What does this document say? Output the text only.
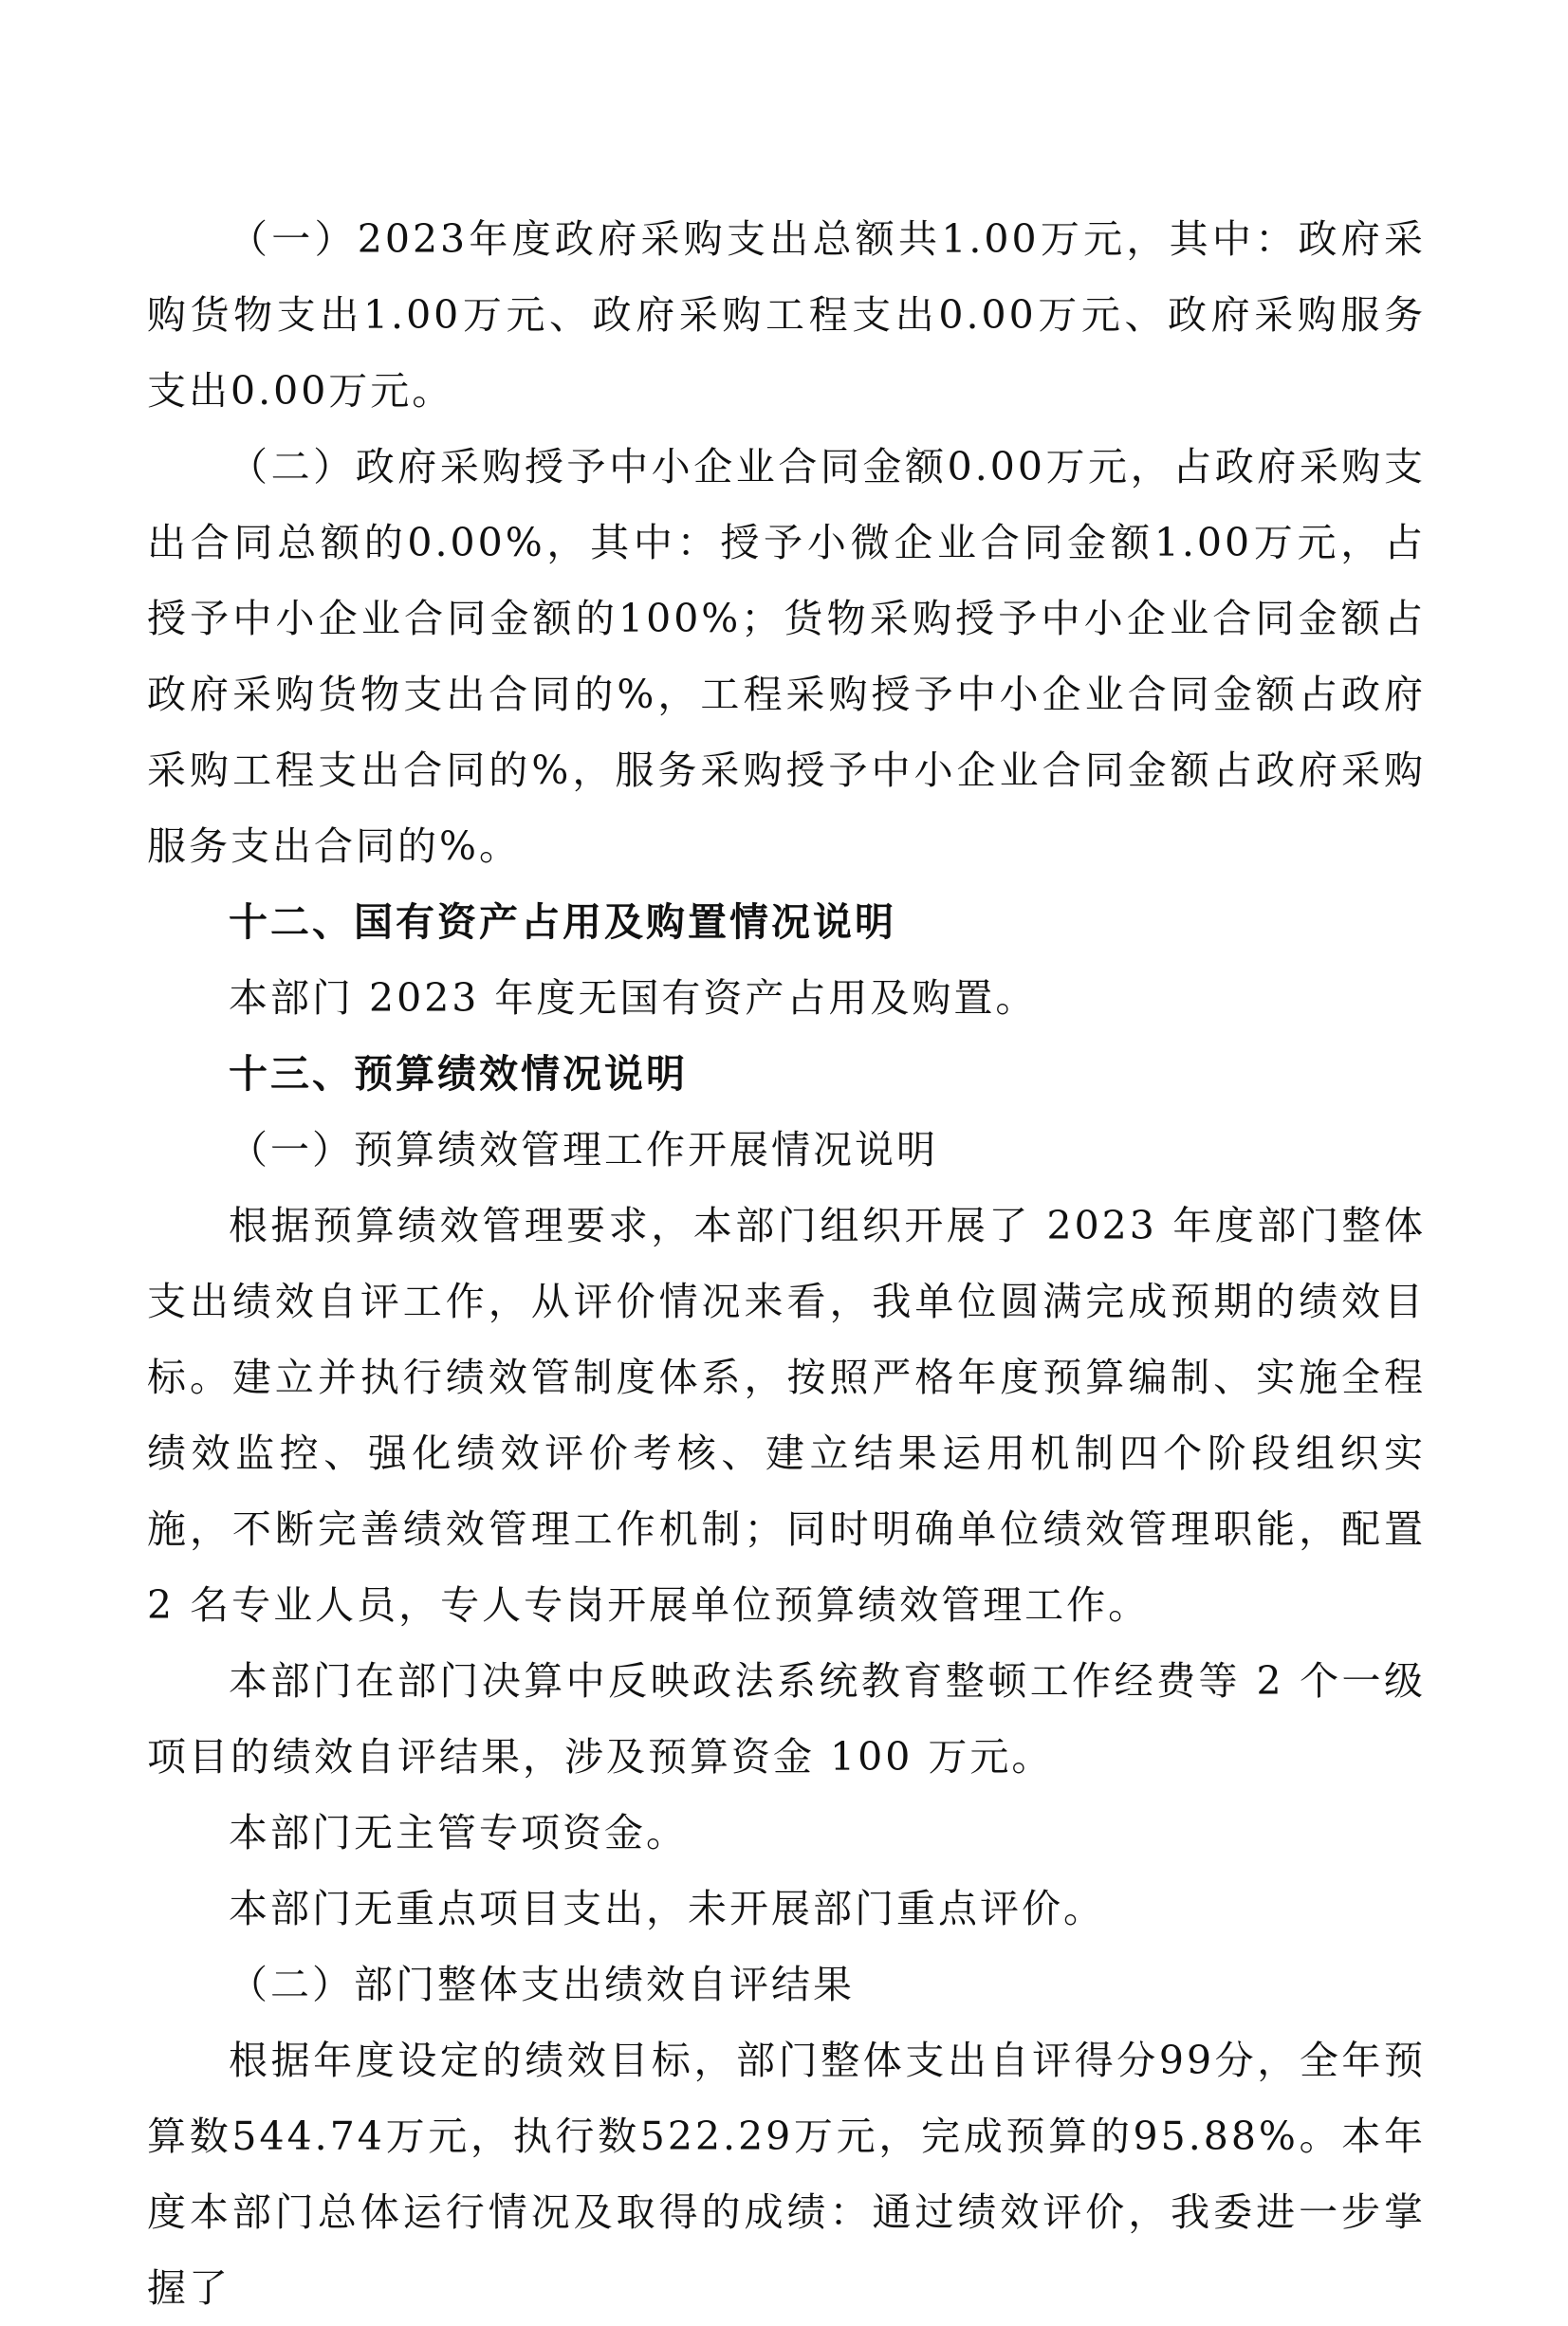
（一）2023年度政府采购支出总额共1.00万元，其中：政府采购货物支出1.00万元、政府采购工程支出0.00万元、政府采购服务支出0.00万元。

（二）政府采购授予中小企业合同金额0.00万元，占政府采购支出合同总额的0.00%，其中：授予小微企业合同金额1.00万元，占授予中小企业合同金额的100%；货物采购授予中小企业合同金额占政府采购货物支出合同的%，工程采购授予中小企业合同金额占政府采购工程支出合同的%，服务采购授予中小企业合同金额占政府采购服务支出合同的%。

十二、国有资产占用及购置情况说明

本部门 2023 年度无国有资产占用及购置。

十三、预算绩效情况说明
（一）预算绩效管理工作开展情况说明

根据预算绩效管理要求，本部门组织开展了 2023 年度部门整体支出绩效自评工作，从评价情况来看，我单位圆满完成预期的绩效目标。建立并执行绩效管制度体系，按照严格年度预算编制、实施全程绩效监控、强化绩效评价考核、建立结果运用机制四个阶段组织实施，不断完善绩效管理工作机制；同时明确单位绩效管理职能，配置 2 名专业人员，专人专岗开展单位预算绩效管理工作。

本部门在部门决算中反映政法系统教育整顿工作经费等 2 个一级项目的绩效自评结果，涉及预算资金 100 万元。

本部门无主管专项资金。

本部门无重点项目支出，未开展部门重点评价。

（二）部门整体支出绩效自评结果

根据年度设定的绩效目标，部门整体支出自评得分99分，全年预算数544.74万元，执行数522.29万元，完成预算的95.88%。本年度本部门总体运行情况及取得的成绩：通过绩效评价，我委进一步掌握了
